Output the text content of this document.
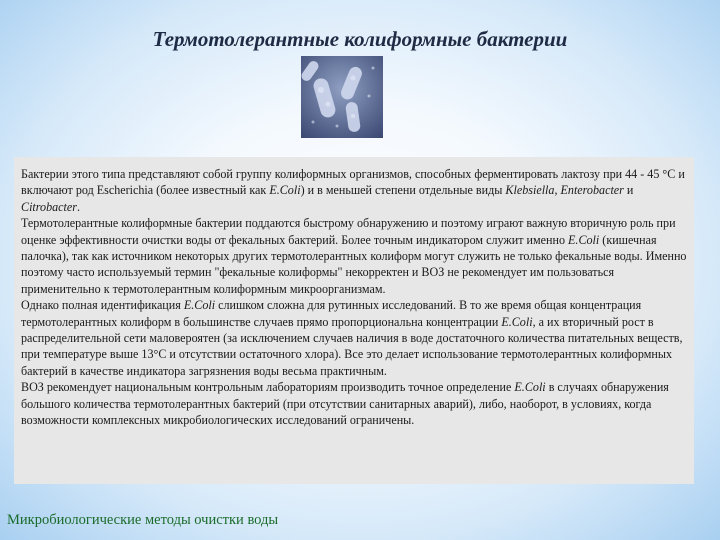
Термотолерантные колиформные бактерии

Бактерии этого типа представляют собой группу колиформных организмов, способных ферментировать лактозу при 44 - 45 °С и включают род Escherichia (более известный как E.Coli) и в меньшей степени отдельные виды Klebsiella, Enterobacter и Citrobacter.

Термотолерантные колиформные бактерии поддаются быстрому обнаружению и поэтому играют важную вторичную роль при оценке эффективности очистки воды от фекальных бактерий. Более точным индикатором служит именно E.Coli (кишечная палочка), так как источником некоторых других термотолерантных колиформ могут служить не только фекальные воды. Именно поэтому часто используемый термин "фекальные колиформы" некорректен и ВОЗ не рекомендует им пользоваться применительно к термотолерантным колиформным микроорганизмам.

Однако полная идентификация E.Coli слишком сложна для рутинных исследований. В то же время общая концентрация термотолерантных колиформ в большинстве случаев прямо пропорциональна концентрации E.Coli, а их вторичный рост в распределительной сети маловероятен (за исключением случаев наличия в воде достаточного количества питательных веществ, при температуре выше 13°С и отсутствии остаточного хлора). Все это делает использование термотолерантных колиформных бактерий в качестве индикатора загрязнения воды весьма практичным.

ВОЗ рекомендует национальным контрольным лабораториям производить точное определение E.Coli в случаях обнаружения большого количества термотолерантных бактерий (при отсутствии санитарных аварий), либо, наоборот, в условиях, когда возможности комплексных микробиологических исследований ограничены.

Микробиологические методы очистки воды
